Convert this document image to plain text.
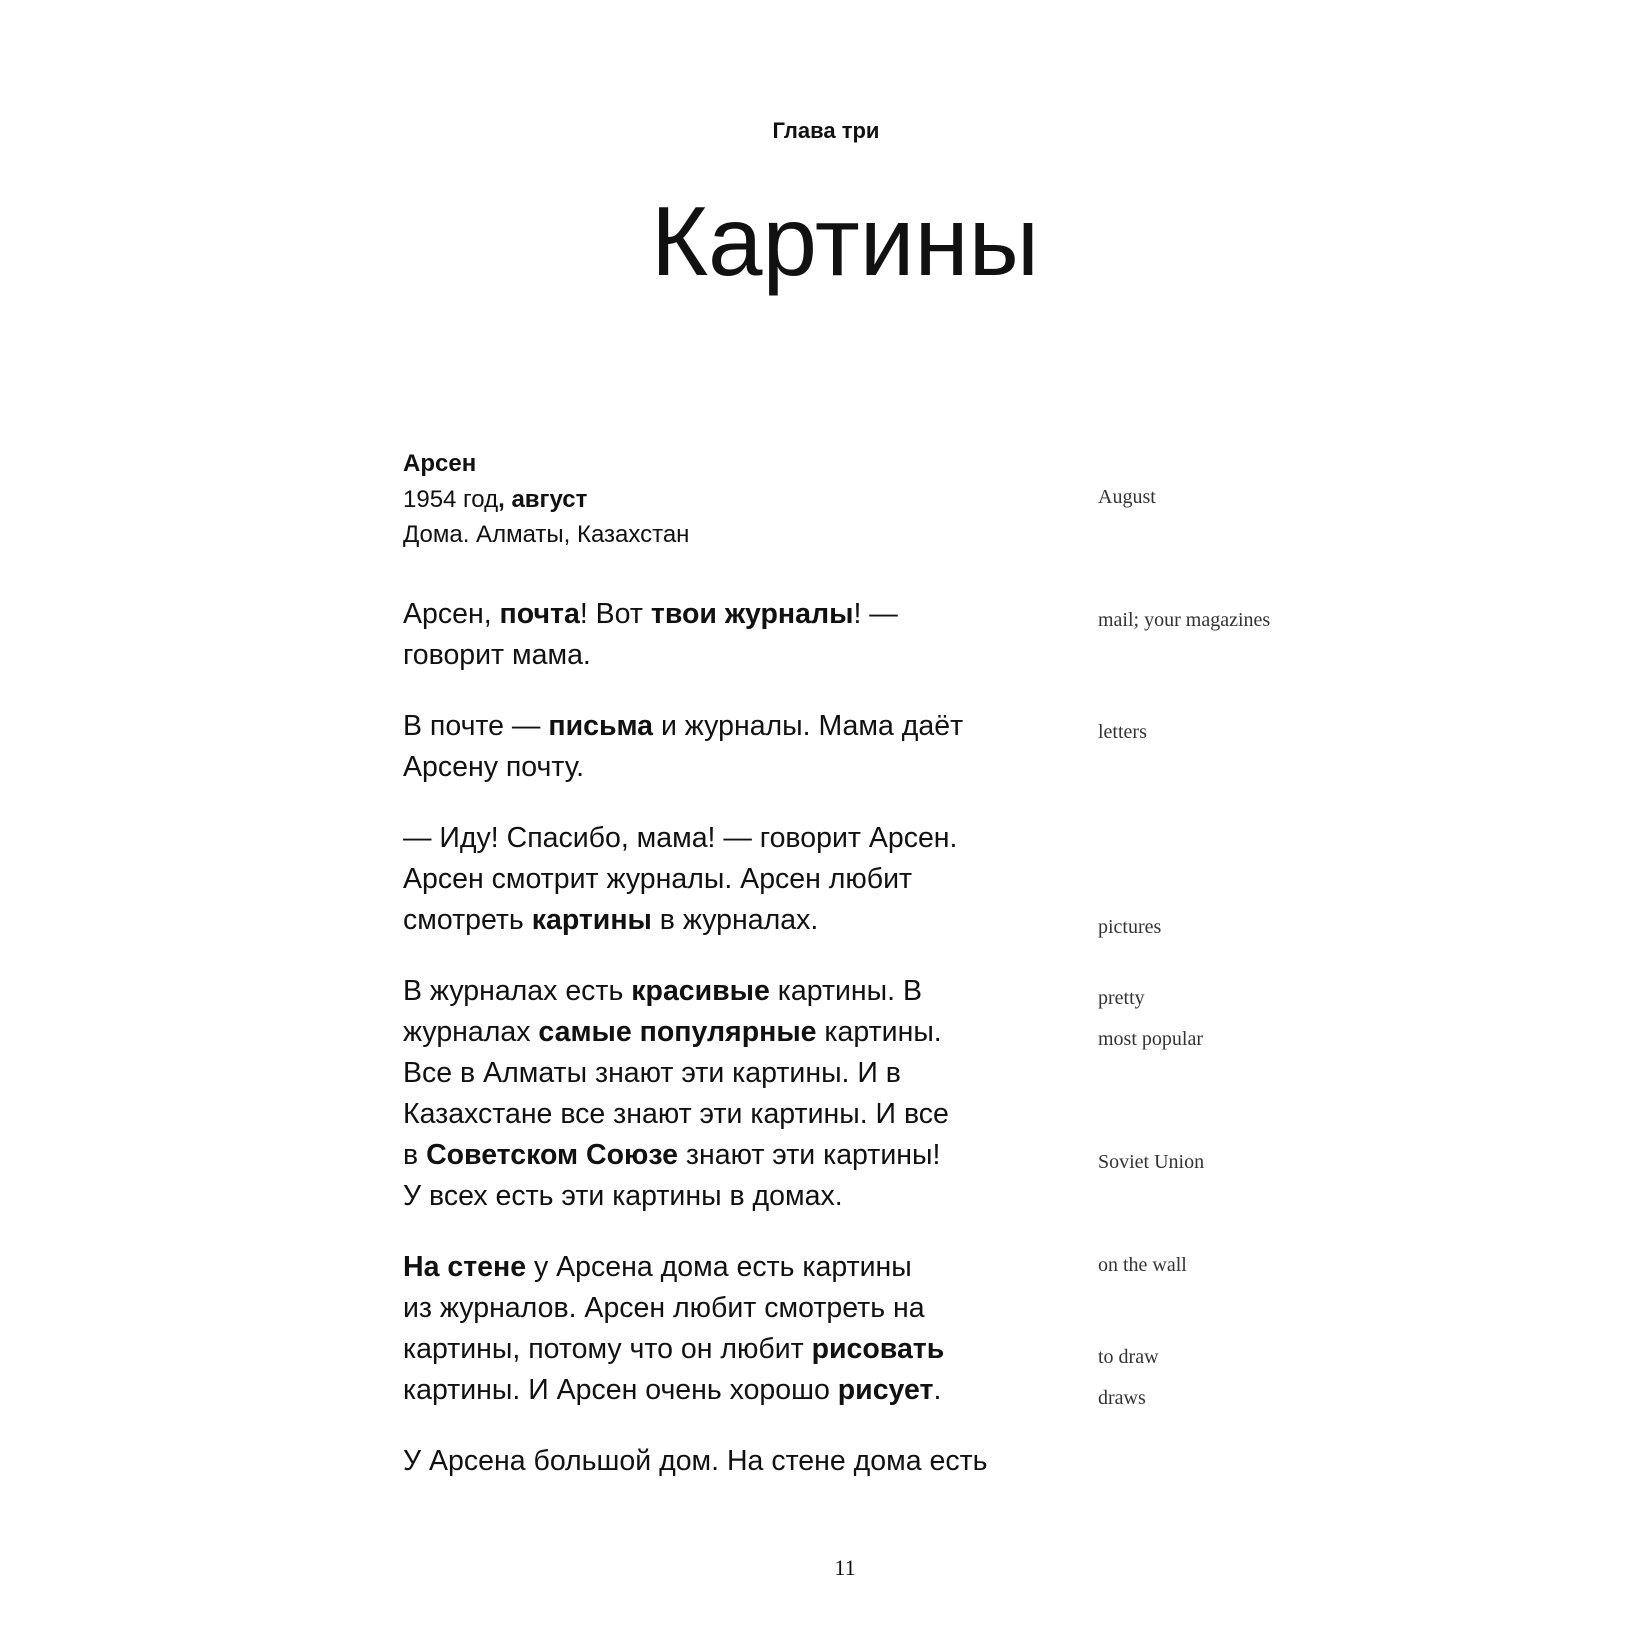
Глава три
Картины
Арсен
1954 год, август
Дома. Алматы, Казахстан
Арсен, почта! Вот твои журналы! —
говорит мама.
В почте — письма и журналы. Мама даёт
Арсену почту.
— Иду! Спасибо, мама! — говорит Арсен.
Арсен смотрит журналы. Арсен любит
смотреть картины в журналах.
В журналах есть красивые картины. В
журналах самые популярные картины.
Все в Алматы знают эти картины. И в
Казахстане все знают эти картины. И все
в Советском Союзе знают эти картины!
У всех есть эти картины в домах.
На стене у Арсена дома есть картины
из журналов. Арсен любит смотреть на
картины, потому что он любит рисовать
картины. И Арсен очень хорошо рисует.
У Арсена большой дом. На стене дома есть
August
mail; your magazines
letters
pictures
pretty
most popular
Soviet Union
on the wall
to draw
draws
11
